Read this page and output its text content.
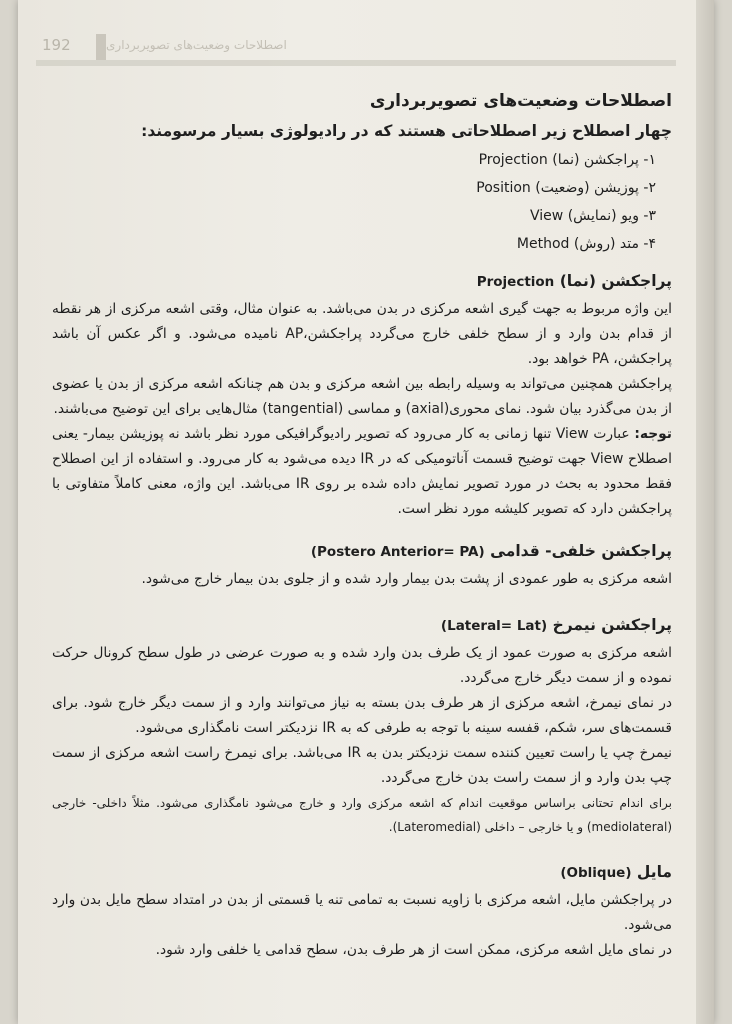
192	اصطلاحات وضعیت‌های تصویربرداری
اصطلاحات وضعیت‌های تصویربرداری
چهار اصطلاح زیر اصطلاحاتی هستند که در رادیولوژی بسیار مرسومند:
۱- پراجکشن (نما) Projection
۲- پوزیشن (وضعیت) Position
۳- ویو (نمایش) View
۴- متد (روش) Method
پراجکشن (نما) Projection

این واژه مربوط به جهت گیری اشعه مرکزی در بدن می‌باشد. به عنوان مثال، وقتی اشعه مرکزی از هر نقطه از قدام بدن وارد و از سطح خلفی خارج می‌گردد پراجکشن،AP نامیده می‌شود. و اگر عکس آن باشد پراجکشن، PA خواهد بود.

پراجکشن همچنین می‌تواند به وسیله رابطه بین اشعه مرکزی و بدن هم چنانکه اشعه مرکزی از بدن یا عضوی از بدن می‌گذرد بیان شود. نمای محوری(axial) و مماسی (tangential) مثال‌هایی برای این توضیح می‌باشند.

توجه: عبارت View تنها زمانی به کار می‌رود که تصویر رادیوگرافیکی مورد نظر باشد نه پوزیشن بیمار- یعنی اصطلاح View جهت توضیح قسمت آناتومیکی که در IR دیده می‌شود به کار می‌رود. و استفاده از این اصطلاح فقط محدود به بحث در مورد تصویر نمایش داده شده بر روی IR می‌باشد. این واژه، معنی کاملاً متفاوتی با پراجکشن دارد که تصویر کلیشه مورد نظر است.

پراجکشن خلفی- قدامی (Postero Anterior= PA)

اشعه مرکزی به طور عمودی از پشت بدن بیمار وارد شده و از جلوی بدن بیمار خارج می‌شود.

پراجکشن نیمرخ (Lateral= Lat)

اشعه مرکزی به صورت عمود از یک طرف بدن وارد شده و به صورت عرضی در طول سطح کرونال حرکت نموده و از سمت دیگر خارج می‌گردد.

در نمای نیمرخ، اشعه مرکزی از هر طرف بدن بسته به نیاز می‌توانند وارد و از سمت دیگر خارج شود. برای قسمت‌های سر، شکم، قفسه سینه با توجه به طرفی که به IR نزدیکتر است نامگذاری می‌شود.

نیمرخ چپ یا راست تعیین کننده سمت نزدیکتر بدن به IR می‌باشد. برای نیمرخ راست اشعه مرکزی از سمت چپ بدن وارد و از سمت راست بدن خارج می‌گردد.

برای اندام تحتانی براساس موقعیت اندام که اشعه مرکزی وارد و خارج می‌شود نامگذاری می‌شود. مثلاً داخلی- خارجی (mediolateral) و یا خارجی – داخلی (Lateromedial).

مایل (Oblique)

در پراجکشن مایل، اشعه مرکزی با زاویه نسبت به تمامی تنه یا قسمتی از بدن در امتداد سطح مایل بدن وارد می‌شود.

در نمای مایل اشعه مرکزی، ممکن است از هر طرف بدن، سطح قدامی یا خلفی وارد شود.
